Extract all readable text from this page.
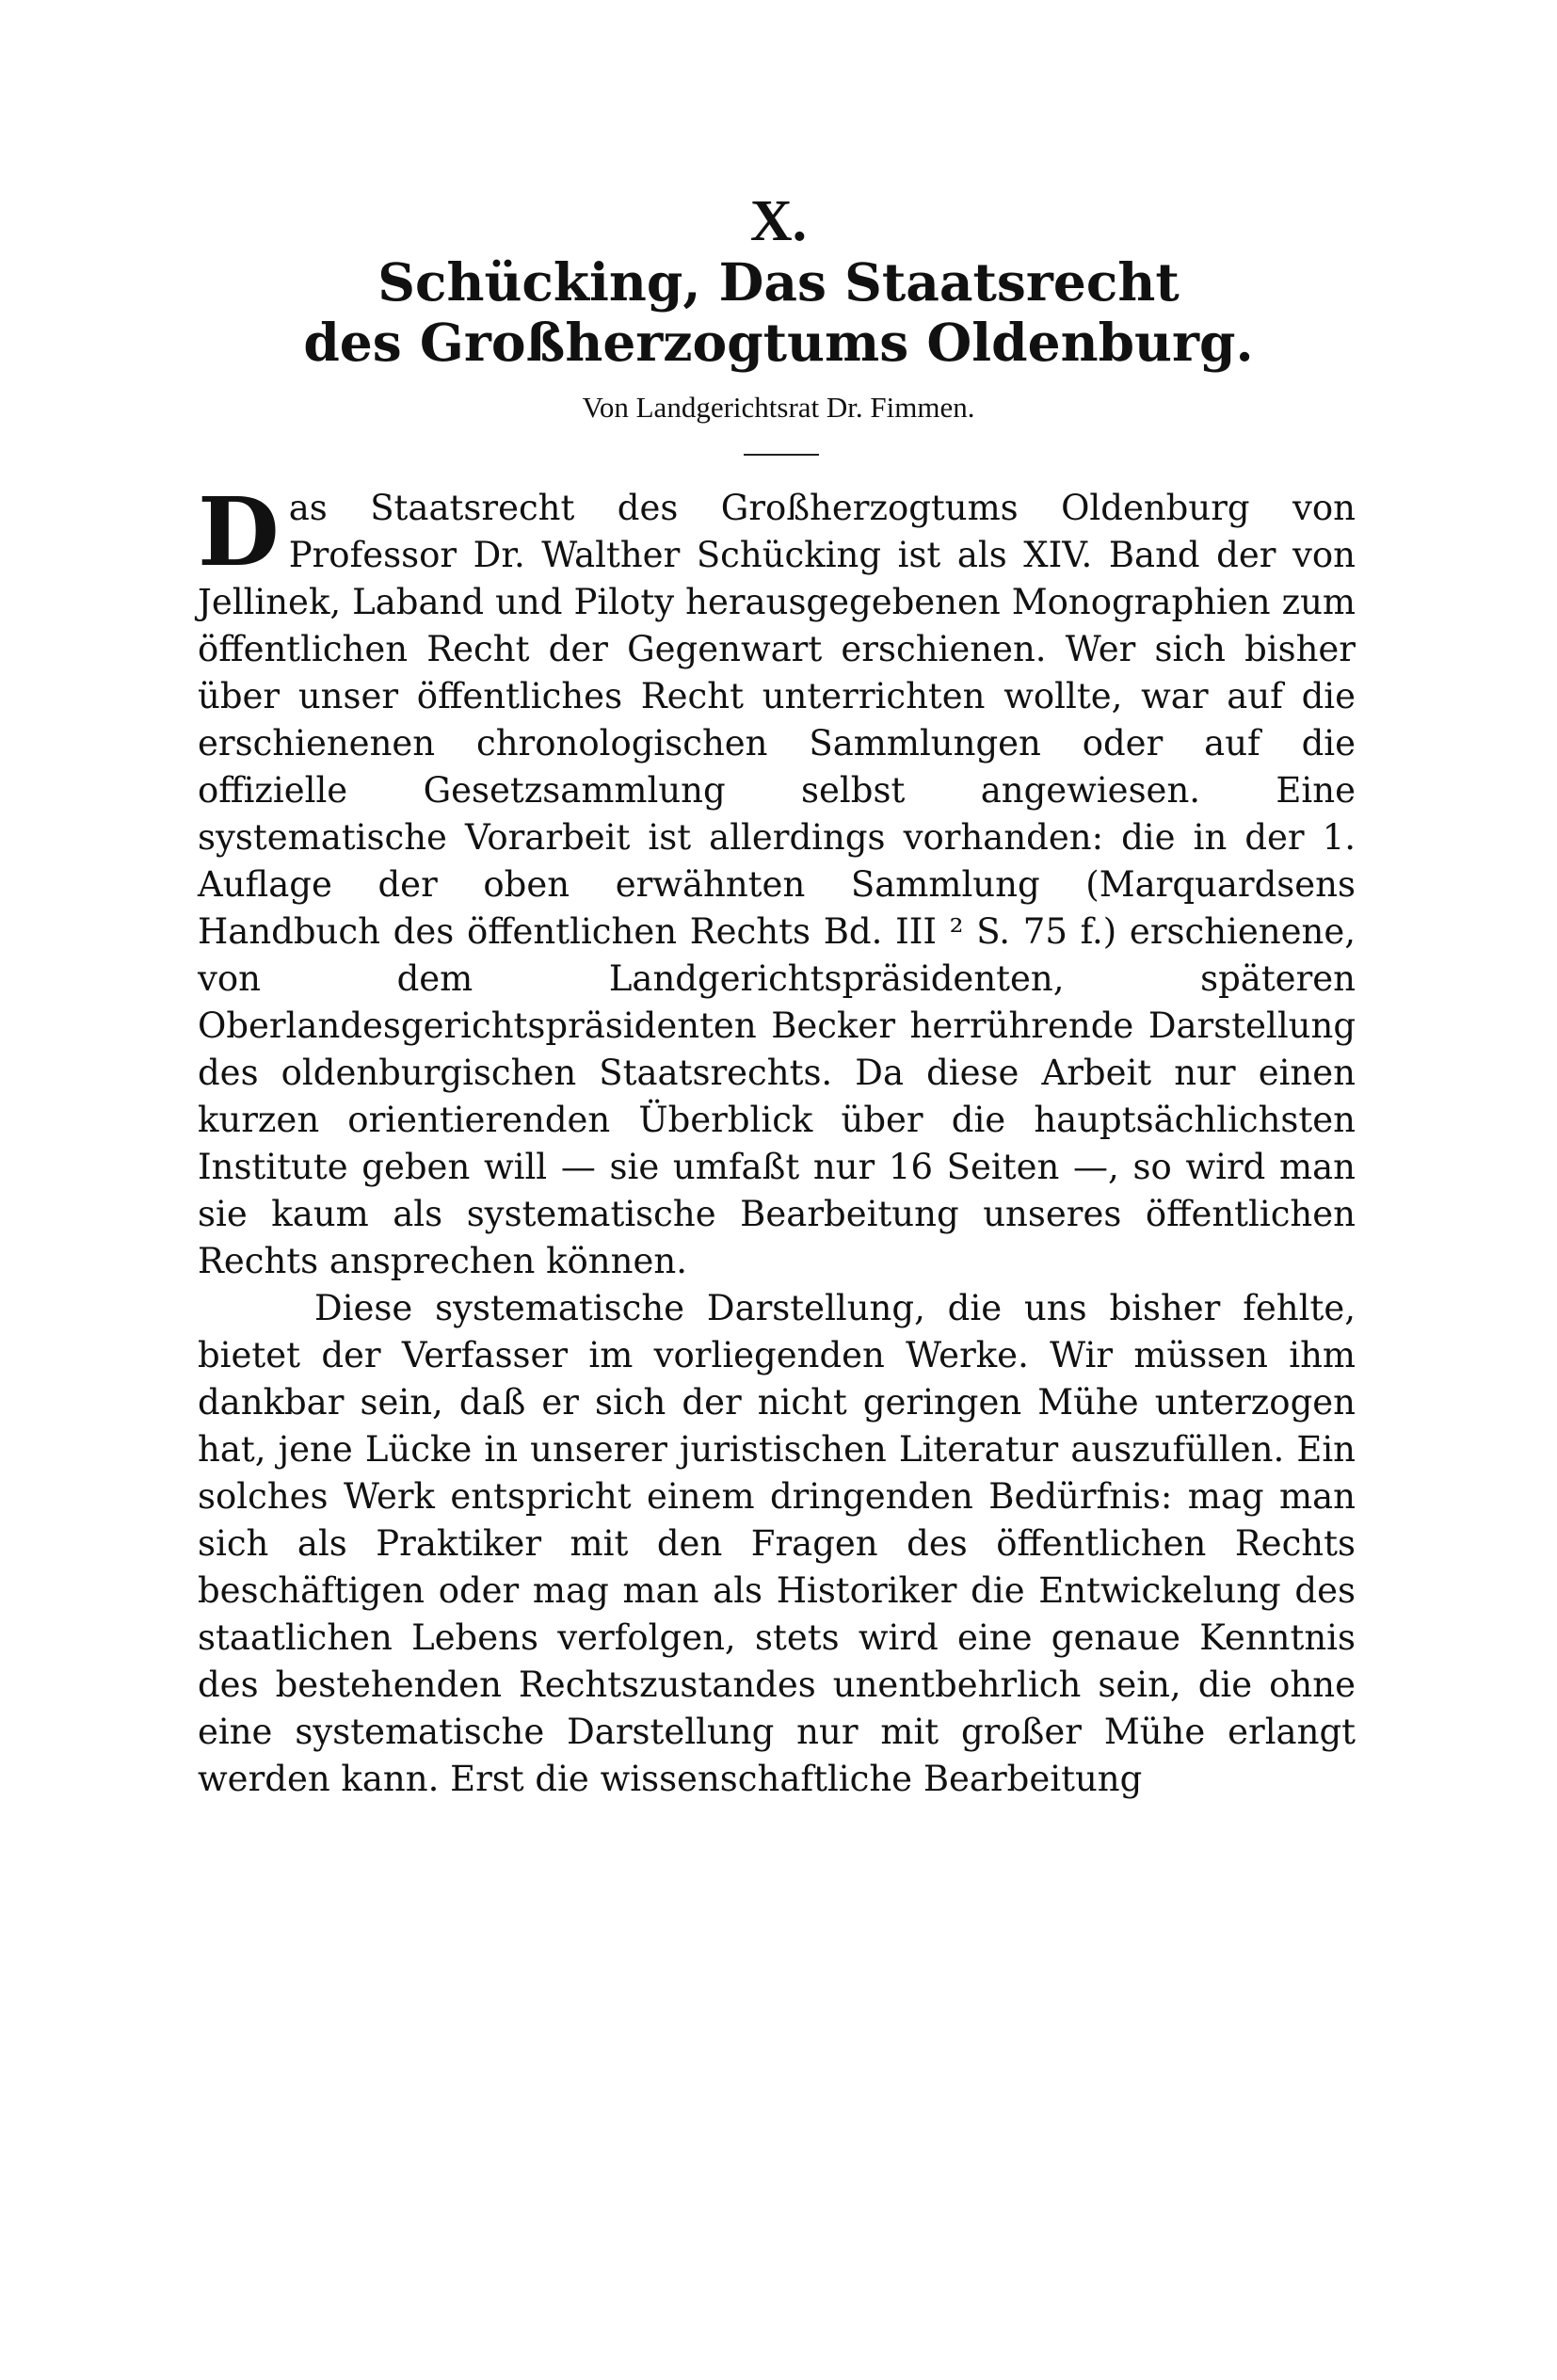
X.
Schücking, Das Staatsrecht
des Großherzogtums Oldenburg.

Von Landgerichtsrat Dr. Fimmen.

Das Staatsrecht des Großherzogtums Oldenburg von Professor Dr. Walther Schücking ist als XIV. Band der von Jellinek, Laband und Piloty herausgegebenen Monographien zum öffentlichen Recht der Gegenwart erschienen. Wer sich bisher über unser öffentliches Recht unterrichten wollte, war auf die erschienenen chronologischen Sammlungen oder auf die offizielle Gesetzsammlung selbst angewiesen. Eine systematische Vorarbeit ist allerdings vorhanden: die in der 1. Auflage der oben erwähnten Sammlung (Marquardsens Handbuch des öffentlichen Rechts Bd. III ² S. 75 f.) erschienene, von dem Landgerichtspräsidenten, späteren Oberlandesgerichtspräsidenten Becker herrührende Darstellung des oldenburgischen Staatsrechts. Da diese Arbeit nur einen kurzen orientierenden Überblick über die hauptsächlichsten Institute geben will — sie umfaßt nur 16 Seiten —, so wird man sie kaum als systematische Bearbeitung unseres öffentlichen Rechts ansprechen können.

Diese systematische Darstellung, die uns bisher fehlte, bietet der Verfasser im vorliegenden Werke. Wir müssen ihm dankbar sein, daß er sich der nicht geringen Mühe unterzogen hat, jene Lücke in unserer juristischen Literatur auszufüllen. Ein solches Werk entspricht einem dringenden Bedürfnis: mag man sich als Praktiker mit den Fragen des öffentlichen Rechts beschäftigen oder mag man als Historiker die Entwickelung des staatlichen Lebens verfolgen, stets wird eine genaue Kenntnis des bestehenden Rechtszustandes unentbehrlich sein, die ohne eine systematische Darstellung nur mit großer Mühe erlangt werden kann. Erst die wissenschaftliche Bearbeitung
